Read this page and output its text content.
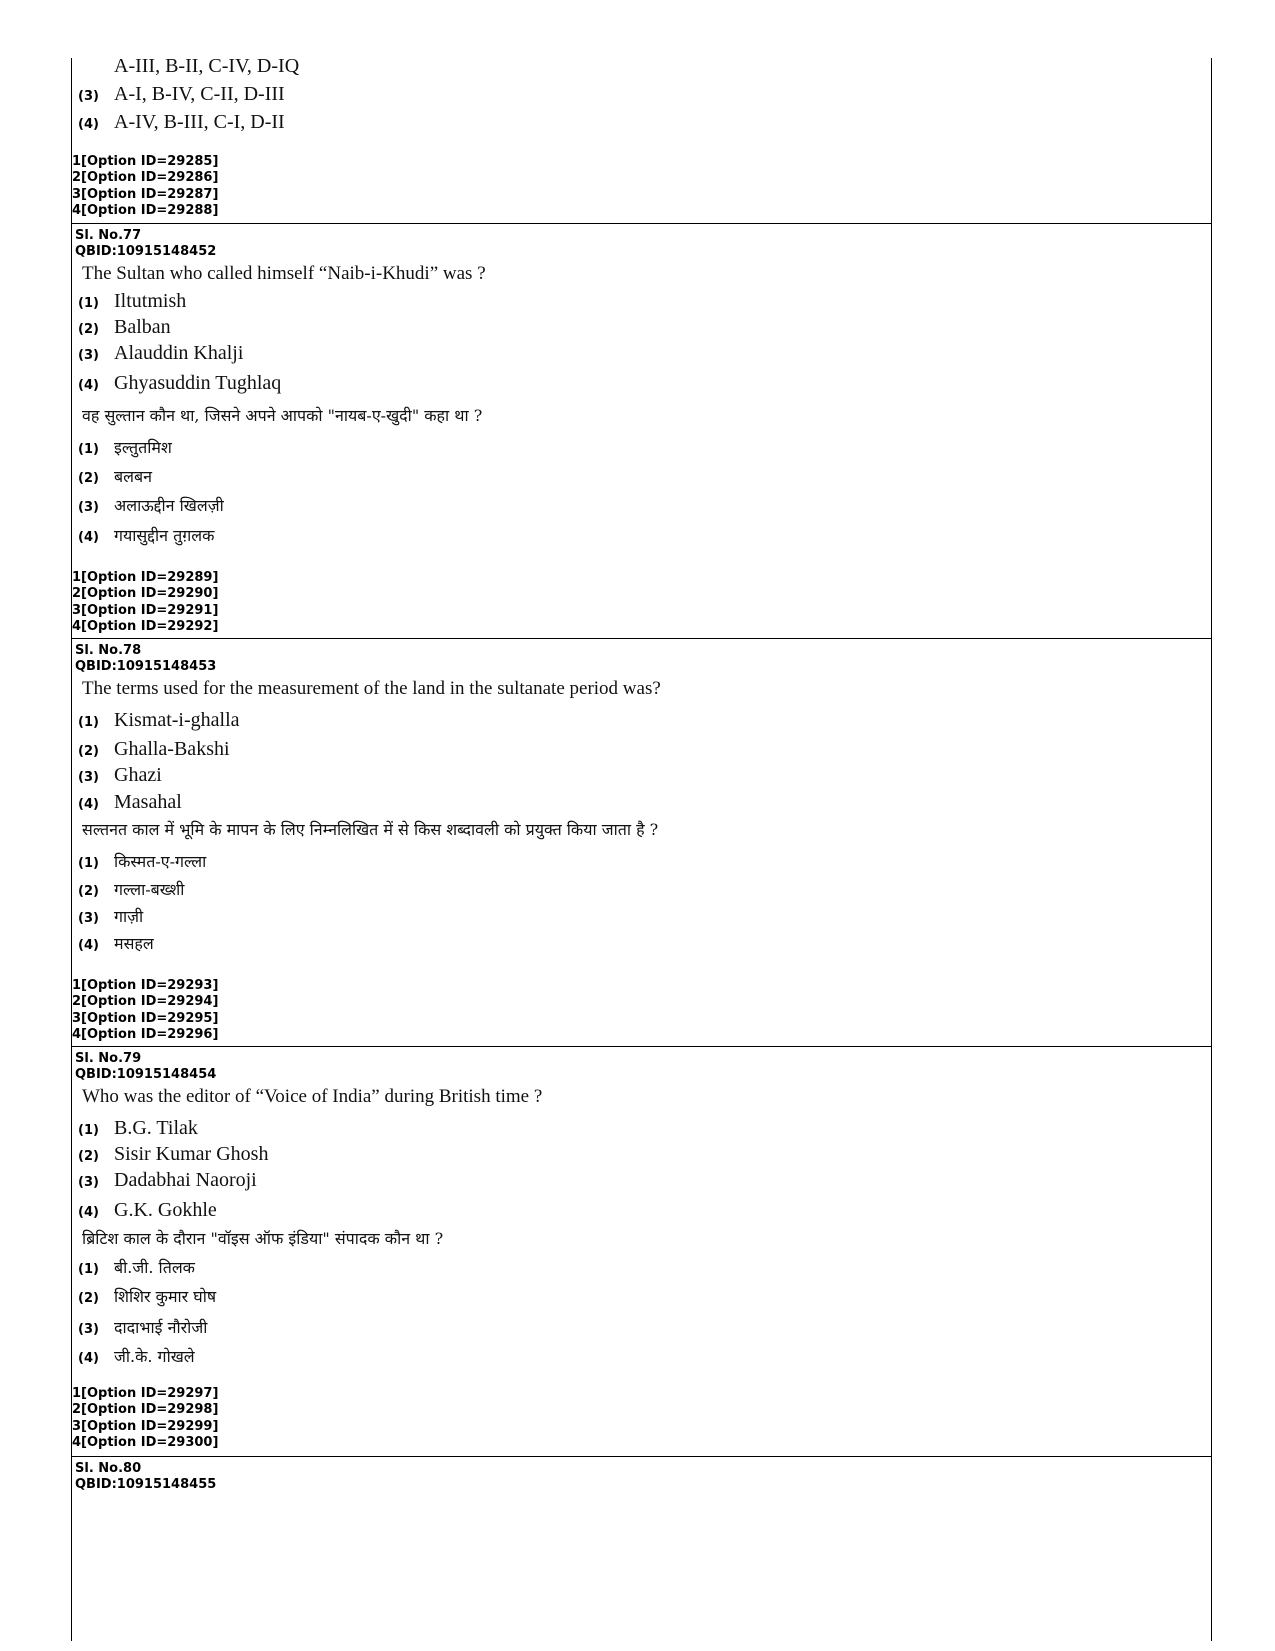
A-III, B-II, C-IV, D-IQ
(3) A-I, B-IV, C-II, D-III
(4) A-IV, B-III, C-I, D-II
1[Option ID=29285]
2[Option ID=29286]
3[Option ID=29287]
4[Option ID=29288]
Sl. No.77
QBID:10915148452
The Sultan who called himself “Naib-i-Khudi” was ?
(1) Iltutmish
(2) Balban
(3) Alauddin Khalji
(4) Ghyasuddin Tughlaq
वह सुल्तान कौन था, जिसने अपने आपको "नायब-ए-खुदी" कहा था ?
(1) इल्तुतमिश
(2) बलबन
(3) अलाऊद्दीन खिलज़ी
(4) गयासुद्दीन तुग़लक
1[Option ID=29289]
2[Option ID=29290]
3[Option ID=29291]
4[Option ID=29292]
Sl. No.78
QBID:10915148453
The terms used for the measurement of the land in the sultanate period was?
(1) Kismat-i-ghalla
(2) Ghalla-Bakshi
(3) Ghazi
(4) Masahal
सल्तनत काल में भूमि के मापन के लिए निम्नलिखित में से किस शब्दावली को प्रयुक्त किया जाता है ?
(1) किस्मत-ए-गल्ला
(2) गल्ला-बख्शी
(3) गाज़ी
(4) मसहल
1[Option ID=29293]
2[Option ID=29294]
3[Option ID=29295]
4[Option ID=29296]
Sl. No.79
QBID:10915148454
Who was the editor of “Voice of India” during British time ?
(1) B.G. Tilak
(2) Sisir Kumar Ghosh
(3) Dadabhai Naoroji
(4) G.K. Gokhle
ब्रिटिश काल के दौरान "वॉइस ऑफ इंडिया" संपादक कौन था ?
(1) बी.जी. तिलक
(2) शिशिर कुमार घोष
(3) दादाभाई नौरोजी
(4) जी.के. गोखले
1[Option ID=29297]
2[Option ID=29298]
3[Option ID=29299]
4[Option ID=29300]
Sl. No.80
QBID:10915148455
